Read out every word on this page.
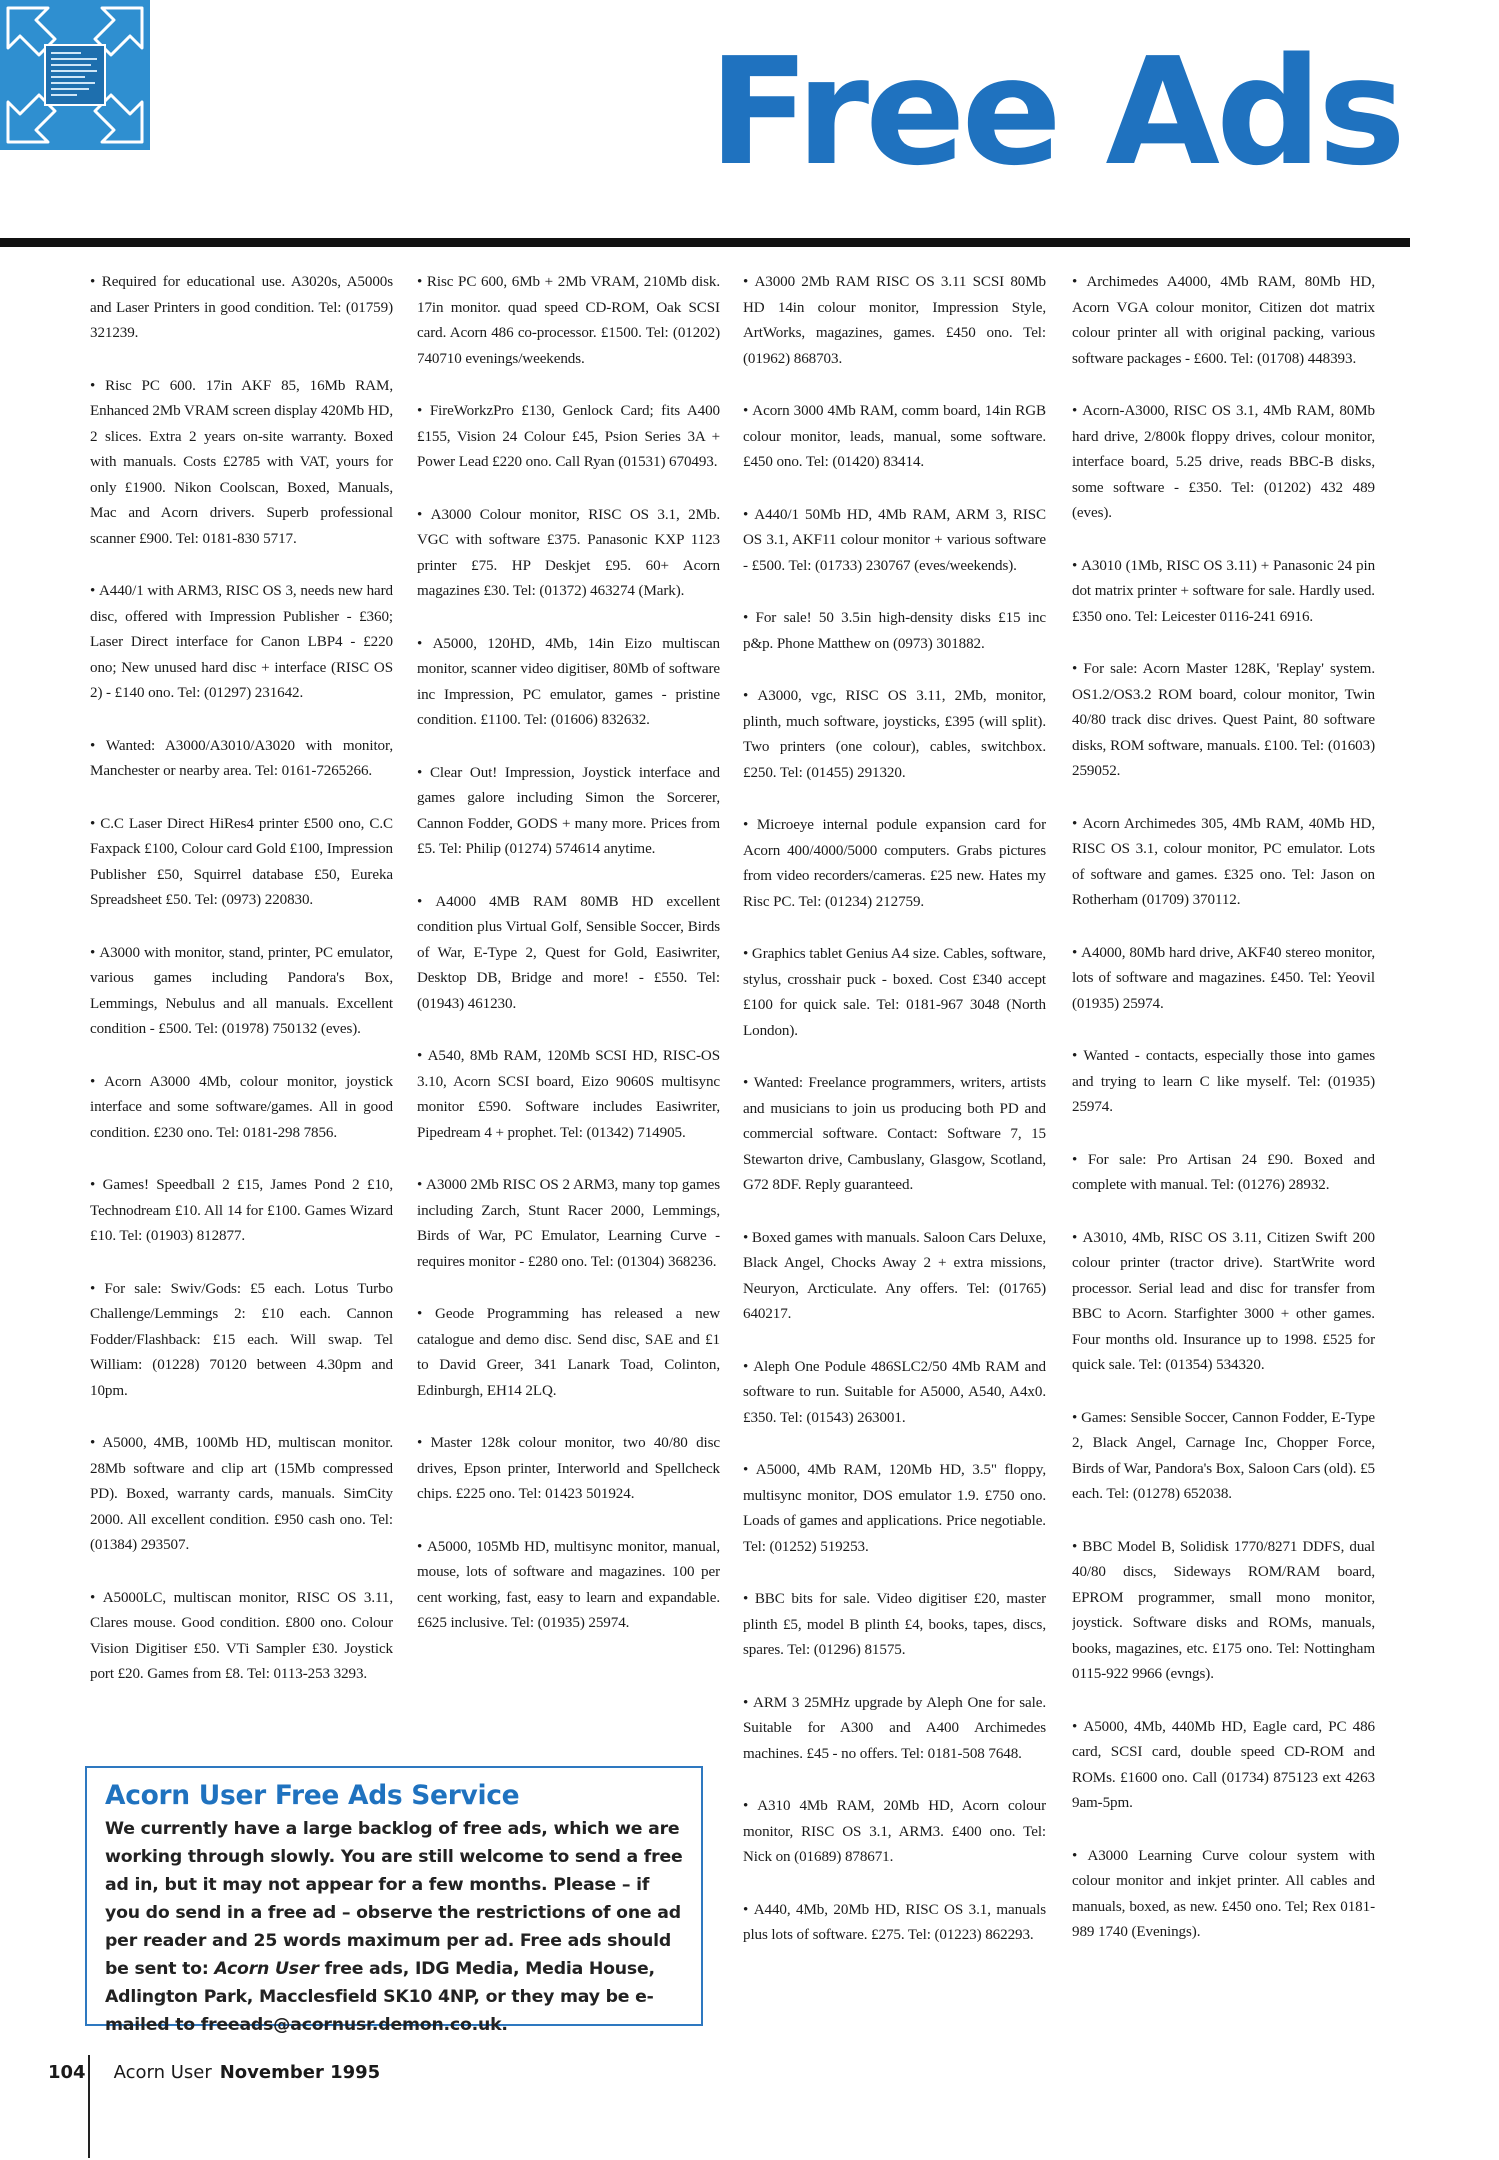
Free Ads

• Required for educational use. A3020s, A5000s and Laser Printers in good condition. Tel: (01759) 321239.

• Risc PC 600. 17in AKF 85, 16Mb RAM, Enhanced 2Mb VRAM screen display 420Mb HD, 2 slices. Extra 2 years on-site warranty. Boxed with manuals. Costs £2785 with VAT, yours for only £1900. Nikon Coolscan, Boxed, Manuals, Mac and Acorn drivers. Superb professional scanner £900. Tel: 0181-830 5717.

• A440/1 with ARM3, RISC OS 3, needs new hard disc, offered with Impression Publisher - £360; Laser Direct interface for Canon LBP4 - £220 ono; New unused hard disc + interface (RISC OS 2) - £140 ono. Tel: (01297) 231642.

• Wanted: A3000/A3010/A3020 with monitor, Manchester or nearby area. Tel: 0161-7265266.

• C.C Laser Direct HiRes4 printer £500 ono, C.C Faxpack £100, Colour card Gold £100, Impression Publisher £50, Squirrel database £50, Eureka Spreadsheet £50. Tel: (0973) 220830.

• A3000 with monitor, stand, printer, PC emulator, various games including Pandora's Box, Lemmings, Nebulus and all manuals. Excellent condition - £500. Tel: (01978) 750132 (eves).

• Acorn A3000 4Mb, colour monitor, joystick interface and some software/games. All in good condition. £230 ono. Tel: 0181-298 7856.

• Games! Speedball 2 £15, James Pond 2 £10, Technodream £10. All 14 for £100. Games Wizard £10. Tel: (01903) 812877.

• For sale: Swiv/Gods: £5 each. Lotus Turbo Challenge/Lemmings 2: £10 each. Cannon Fodder/Flashback: £15 each. Will swap. Tel William: (01228) 70120 between 4.30pm and 10pm.

• A5000, 4MB, 100Mb HD, multiscan monitor. 28Mb software and clip art (15Mb compressed PD). Boxed, warranty cards, manuals. SimCity 2000. All excellent condition. £950 cash ono. Tel: (01384) 293507.

• A5000LC, multiscan monitor, RISC OS 3.11, Clares mouse. Good condition. £800 ono. Colour Vision Digitiser £50. VTi Sampler £30. Joystick port £20. Games from £8. Tel: 0113-253 3293.

• Risc PC 600, 6Mb + 2Mb VRAM, 210Mb disk. 17in monitor. quad speed CD-ROM, Oak SCSI card. Acorn 486 co-processor. £1500. Tel: (01202) 740710 evenings/weekends.

• FireWorkzPro £130, Genlock Card; fits A400 £155, Vision 24 Colour £45, Psion Series 3A + Power Lead £220 ono. Call Ryan (01531) 670493.

• A3000 Colour monitor, RISC OS 3.1, 2Mb. VGC with software £375. Panasonic KXP 1123 printer £75. HP Deskjet £95. 60+ Acorn magazines £30. Tel: (01372) 463274 (Mark).

• A5000, 120HD, 4Mb, 14in Eizo multiscan monitor, scanner video digitiser, 80Mb of software inc Impression, PC emulator, games - pristine condition. £1100. Tel: (01606) 832632.

• Clear Out! Impression, Joystick interface and games galore including Simon the Sorcerer, Cannon Fodder, GODS + many more. Prices from £5. Tel: Philip (01274) 574614 anytime.

• A4000 4MB RAM 80MB HD excellent condition plus Virtual Golf, Sensible Soccer, Birds of War, E-Type 2, Quest for Gold, Easiwriter, Desktop DB, Bridge and more! - £550. Tel: (01943) 461230.

• A540, 8Mb RAM, 120Mb SCSI HD, RISC-OS 3.10, Acorn SCSI board, Eizo 9060S multisync monitor £590. Software includes Easiwriter, Pipedream 4 + prophet. Tel: (01342) 714905.

• A3000 2Mb RISC OS 2 ARM3, many top games including Zarch, Stunt Racer 2000, Lemmings, Birds of War, PC Emulator, Learning Curve - requires monitor - £280 ono. Tel: (01304) 368236.

• Geode Programming has released a new catalogue and demo disc. Send disc, SAE and £1 to David Greer, 341 Lanark Toad, Colinton, Edinburgh, EH14 2LQ.

• Master 128k colour monitor, two 40/80 disc drives, Epson printer, Interworld and Spellcheck chips. £225 ono. Tel: 01423 501924.

• A5000, 105Mb HD, multisync monitor, manual, mouse, lots of software and magazines. 100 per cent working, fast, easy to learn and expandable. £625 inclusive. Tel: (01935) 25974.

• A3000 2Mb RAM RISC OS 3.11 SCSI 80Mb HD 14in colour monitor, Impression Style, ArtWorks, magazines, games. £450 ono. Tel: (01962) 868703.

• Acorn 3000 4Mb RAM, comm board, 14in RGB colour monitor, leads, manual, some software. £450 ono. Tel: (01420) 83414.

• A440/1 50Mb HD, 4Mb RAM, ARM 3, RISC OS 3.1, AKF11 colour monitor + various software - £500. Tel: (01733) 230767 (eves/weekends).

• For sale! 50 3.5in high-density disks £15 inc p&p. Phone Matthew on (0973) 301882.

• A3000, vgc, RISC OS 3.11, 2Mb, monitor, plinth, much software, joysticks, £395 (will split). Two printers (one colour), cables, switchbox. £250. Tel: (01455) 291320.

• Microeye internal podule expansion card for Acorn 400/4000/5000 computers. Grabs pictures from video recorders/cameras. £25 new. Hates my Risc PC. Tel: (01234) 212759.

• Graphics tablet Genius A4 size. Cables, software, stylus, crosshair puck - boxed. Cost £340 accept £100 for quick sale. Tel: 0181-967 3048 (North London).

• Wanted: Freelance programmers, writers, artists and musicians to join us producing both PD and commercial software. Contact: Software 7, 15 Stewarton drive, Cambuslany, Glasgow, Scotland, G72 8DF. Reply guaranteed.

• Boxed games with manuals. Saloon Cars Deluxe, Black Angel, Chocks Away 2 + extra missions, Neuryon, Arcticulate. Any offers. Tel: (01765) 640217.

• Aleph One Podule 486SLC2/50 4Mb RAM and software to run. Suitable for A5000, A540, A4x0. £350. Tel: (01543) 263001.

• A5000, 4Mb RAM, 120Mb HD, 3.5" floppy, multisync monitor, DOS emulator 1.9. £750 ono. Loads of games and applications. Price negotiable. Tel: (01252) 519253.

• BBC bits for sale. Video digitiser £20, master plinth £5, model B plinth £4, books, tapes, discs, spares. Tel: (01296) 81575.

• ARM 3 25MHz upgrade by Aleph One for sale. Suitable for A300 and A400 Archimedes machines. £45 - no offers. Tel: 0181-508 7648.

• A310 4Mb RAM, 20Mb HD, Acorn colour monitor, RISC OS 3.1, ARM3. £400 ono. Tel: Nick on (01689) 878671.

• A440, 4Mb, 20Mb HD, RISC OS 3.1, manuals plus lots of software. £275. Tel: (01223) 862293.

• Archimedes A4000, 4Mb RAM, 80Mb HD, Acorn VGA colour monitor, Citizen dot matrix colour printer all with original packing, various software packages - £600. Tel: (01708) 448393.

• Acorn-A3000, RISC OS 3.1, 4Mb RAM, 80Mb hard drive, 2/800k floppy drives, colour monitor, interface board, 5.25 drive, reads BBC-B disks, some software - £350. Tel: (01202) 432 489 (eves).

• A3010 (1Mb, RISC OS 3.11) + Panasonic 24 pin dot matrix printer + software for sale. Hardly used. £350 ono. Tel: Leicester 0116-241 6916.

• For sale: Acorn Master 128K, 'Replay' system. OS1.2/OS3.2 ROM board, colour monitor, Twin 40/80 track disc drives. Quest Paint, 80 software disks, ROM software, manuals. £100. Tel: (01603) 259052.

• Acorn Archimedes 305, 4Mb RAM, 40Mb HD, RISC OS 3.1, colour monitor, PC emulator. Lots of software and games. £325 ono. Tel: Jason on Rotherham (01709) 370112.

• A4000, 80Mb hard drive, AKF40 stereo monitor, lots of software and magazines. £450. Tel: Yeovil (01935) 25974.

• Wanted - contacts, especially those into games and trying to learn C like myself. Tel: (01935) 25974.

• For sale: Pro Artisan 24 £90. Boxed and complete with manual. Tel: (01276) 28932.

• A3010, 4Mb, RISC OS 3.11, Citizen Swift 200 colour printer (tractor drive). StartWrite word processor. Serial lead and disc for transfer from BBC to Acorn. Starfighter 3000 + other games. Four months old. Insurance up to 1998. £525 for quick sale. Tel: (01354) 534320.

• Games: Sensible Soccer, Cannon Fodder, E-Type 2, Black Angel, Carnage Inc, Chopper Force, Birds of War, Pandora's Box, Saloon Cars (old). £5 each. Tel: (01278) 652038.

• BBC Model B, Solidisk 1770/8271 DDFS, dual 40/80 discs, Sideways ROM/RAM board, EPROM programmer, small mono monitor, joystick. Software disks and ROMs, manuals, books, magazines, etc. £175 ono. Tel: Nottingham 0115-922 9966 (evngs).

• A5000, 4Mb, 440Mb HD, Eagle card, PC 486 card, SCSI card, double speed CD-ROM and ROMs. £1600 ono. Call (01734) 875123 ext 4263 9am-5pm.

• A3000 Learning Curve colour system with colour monitor and inkjet printer. All cables and manuals, boxed, as new. £450 ono. Tel; Rex 0181-989 1740 (Evenings).

Acorn User Free Ads Service
We currently have a large backlog of free ads, which we are working through slowly. You are still welcome to send a free ad in, but it may not appear for a few months. Please – if you do send in a free ad – observe the restrictions of one ad per reader and 25 words maximum per ad. Free ads should be sent to: Acorn User free ads, IDG Media, Media House, Adlington Park, Macclesfield SK10 4NP, or they may be e-mailed to freeads@acornusr.demon.co.uk.
104 Acorn User November 1995
